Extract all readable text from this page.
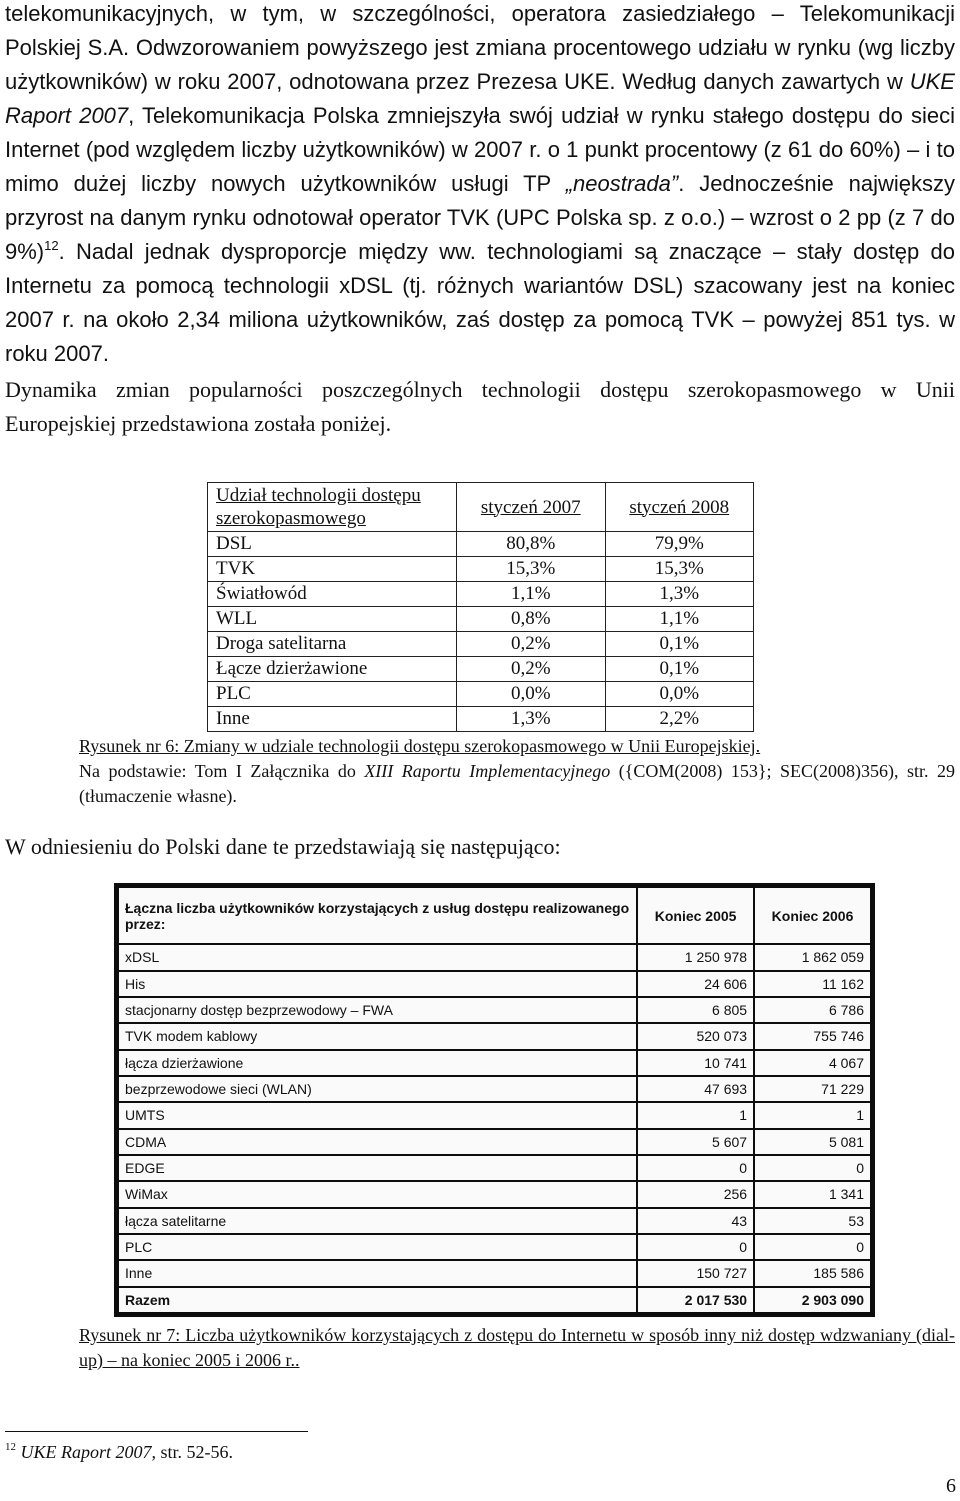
telekomunikacyjnych, w tym, w szczególności, operatora zasiedziałego – Telekomunikacji Polskiej S.A. Odwzorowaniem powyższego jest zmiana procentowego udziału w rynku (wg liczby użytkowników) w roku 2007, odnotowana przez Prezesa UKE. Według danych zawartych w UKE Raport 2007, Telekomunikacja Polska zmniejszyła swój udział w rynku stałego dostępu do sieci Internet (pod względem liczby użytkowników) w 2007 r. o 1 punkt procentowy (z 61 do 60%) – i to mimo dużej liczby nowych użytkowników usługi TP „neostrada”. Jednocześnie największy przyrost na danym rynku odnotował operator TVK (UPC Polska sp. z o.o.) – wzrost o 2 pp (z 7 do 9%)$^{12}$. Nadal jednak dysproporcje między ww. technologiami są znaczące – stały dostęp do Internetu za pomocą technologii xDSL (tj. różnych wariantów DSL) szacowany jest na koniec 2007 r. na około 2,34 miliona użytkowników, zaś dostęp za pomocą TVK – powyżej 851 tys. w roku 2007.

Dynamika zmian popularności poszczególnych technologii dostępu szerokopasmowego w Unii Europejskiej przedstawiona została poniżej.

Udział technologii dostępu szerokopasmowego	styczeń 2007	styczeń 2008
DSL	80,8%	79,9%
TVK	15,3%	15,3%
Światłowód	1,1%	1,3%
WLL	0,8%	1,1%
Droga satelitarna	0,2%	0,1%
Łącze dzierżawione	0,2%	0,1%
PLC	0,0%	0,0%
Inne	1,3%	2,2%

Rysunek nr 6: Zmiany w udziale technologii dostępu szerokopasmowego w Unii Europejskiej.

Na podstawie: Tom I Załącznika do XIII Raportu Implementacyjnego ({COM(2008) 153}; SEC(2008)356), str. 29 (tłumaczenie własne).

W odniesieniu do Polski dane te przedstawiają się następująco:

Łączna liczba użytkowników korzystających z usług dostępu realizowanego przez:	Koniec 2005	Koniec 2006
xDSL	1 250 978	1 862 059
His	24 606	11 162
stacjonarny dostęp bezprzewodowy – FWA	6 805	6 786
TVK modem kablowy	520 073	755 746
łącza dzierżawione	10 741	4 067
bezprzewodowe sieci (WLAN)	47 693	71 229
UMTS	1	1
CDMA	5 607	5 081
EDGE	0	0
WiMax	256	1 341
łącza satelitarne	43	53
PLC	0	0
Inne	150 727	185 586
Razem	2 017 530	2 903 090

Rysunek nr 7: Liczba użytkowników korzystających z dostępu do Internetu w sposób inny niż dostęp wdzwaniany (dial-up) – na koniec 2005 i 2006 r..

$^{12}$ UKE Raport 2007, str. 52-56.

6
